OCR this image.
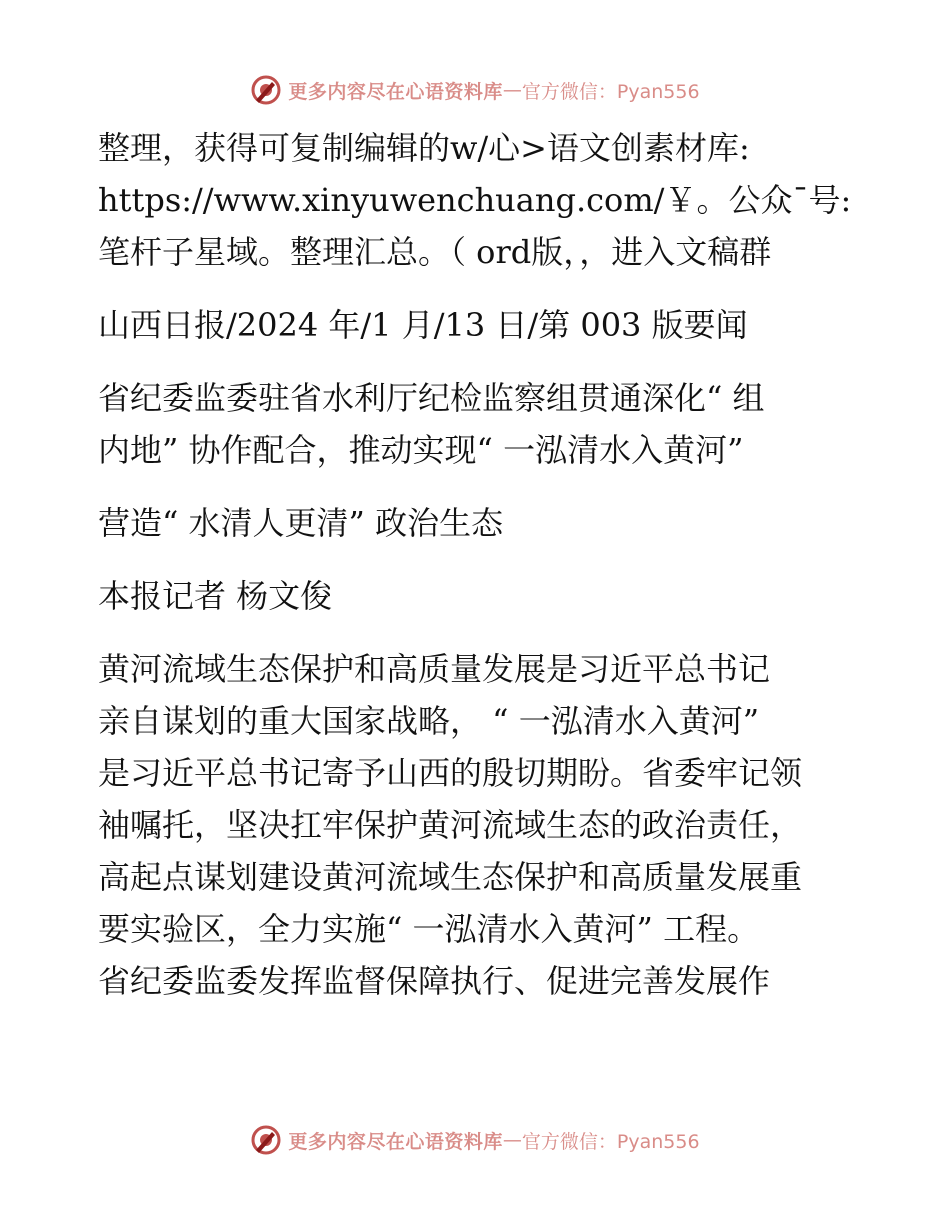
更多内容尽在心语资料库 — 官方微信：Pyan556
整理，获得可复制编辑的w/心>语文创素材库:
https://www.xinyuwenchuang.com/￥。公众¯号:
笔杆子星域。整理汇总。（ ord版，，进入文稿群
山西日报/2024 年/1 月/13 日/第 003 版要闻
省纪委监委驻省水利厅纪检监察组贯通深化“ 组
内地” 协作配合，推动实现“ 一泓清水入黄河”
营造“ 水清人更清” 政治生态
本报记者 杨文俊
黄河流域生态保护和高质量发展是习近平总书记
亲自谋划的重大国家战略， “ 一泓清水入黄河”
是习近平总书记寄予山西的殷切期盼。省委牢记领
袖嘱托，坚决扛牢保护黄河流域生态的政治责任，
高起点谋划建设黄河流域生态保护和高质量发展重
要实验区，全力实施“ 一泓清水入黄河” 工程。
省纪委监委发挥监督保障执行、促进完善发展作
更多内容尽在心语资料库 — 官方微信：Pyan556
